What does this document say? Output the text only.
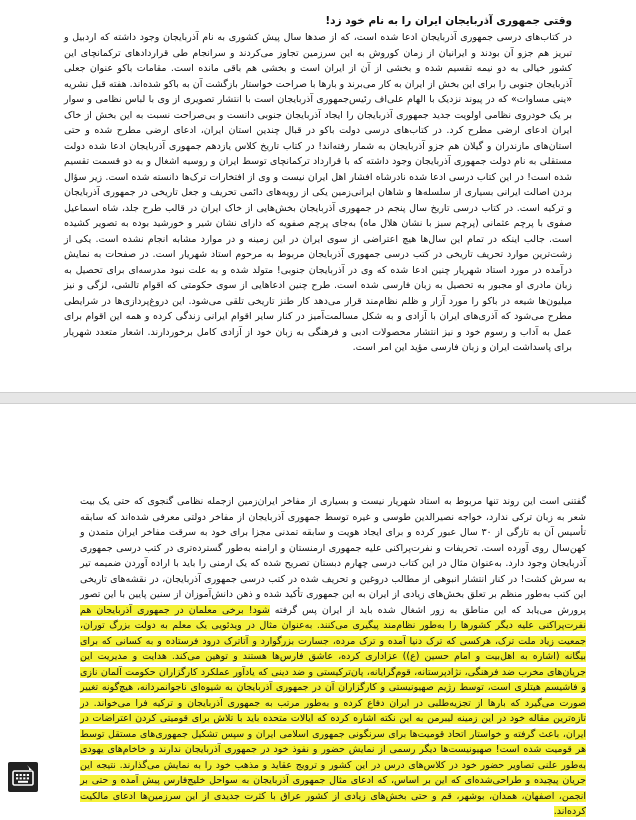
وقتی جمهوری آذربایجان ایران را به نام خود زد!

در کتاب‌های درسی جمهوری آذربایجان ادعا شده است، که از صدها سال پیش کشوری به نام آذربایجان وجود داشته که اردبیل و تبریز هم جزو آن بودند و ایرانیان از زمان کوروش به این سرزمین تجاوز می‌کردند و سرانجام طی قراردادهای ترکمانچای این کشور خیالی به دو نیمه تقسیم شده و بخشی از آن از ایران است و بخشی هم باقی مانده است. مقامات باکو عنوان جعلی آذربایجان جنوبی را برای این بخش از ایران به کار می‌برند و بارها با صراحت خواستار بازگشت آن به باکو شده‌اند. هفته قبل نشریه «ینی مساوات» که در پیوند نزدیک با الهام علی‌اف رئیس‌جمهوری آذربایجان است با انتشار تصویری از وی با لباس نظامی و سوار بر یک خودروی نظامی اولویت جدید جمهوری آذربایجان را ایجاد آذربایجان جنوبی دانست و بی‌صراحت نسبت به این بخش از خاک ایران ادعای ارضی مطرح کرد. در کتاب‌های درسی دولت باکو در قبال چندین استان ایران، ادعای ارضی مطرح شده و حتی استان‌های مازندران و گیلان هم جزو آذربایجان به شمار رفته‌اند! در کتاب تاریخ کلاس یازدهم جمهوری آذربایجان ادعا شده دولت مستقلی به نام دولت جمهوری آذربایجان وجود داشته که با قرارداد ترکمانچای توسط ایران و روسیه اشغال و به دو قسمت تقسیم شده است! در این کتاب درسی ادعا شده نادرشاه افشار اهل ایران نیست و وی از افتخارات ترک‌ها دانسته شده است. زیر سؤال بردن اصالت ایرانی بسیاری از سلسله‌ها و شاهان ایرانی‌زمین یکی از رویه‌های دائمی تحریف و جعل تاریخی در جمهوری آذربایجان و ترکیه است. در کتاب درسی تاریخ سال پنجم در جمهوری آذربایجان بخش‌هایی از خاک ایران در قالب طرح جلد، شاه اسماعیل صفوی با پرچم عثمانی (پرچم سبز با نشان هلال ماه) به‌جای پرچم صفویه که دارای نشان شیر و خورشید بوده به تصویر کشیده است. جالب اینکه در تمام این سال‌ها هیچ اعتراضی از سوی ایران در این زمینه و در موارد مشابه انجام نشده است. یکی از زشت‌ترین موارد تحریف تاریخی در کتب درسی جمهوری آذربایجان مربوط به مرحوم استاد شهریار است. در صفحات به نمایش درآمده در مورد استاد شهریار چنین ادعا شده که وی در آذربایجان جنوبی! متولد شده و به علت نبود مدرسه‌ای برای تحصیل به زبان مادری او مجبور به تحصیل به زبان فارسی شده است. طرح چنین ادعاهایی از سوی حکومتی که اقوام تالشی، لزگی و نیز میلیون‌ها شیعه در باکو را مورد آزار و ظلم نظام‌مند قرار می‌دهد کار طنز تاریخی تلقی می‌شود. این دروغ‌پردازی‌ها در شرایطی مطرح می‌شود که آذری‌های ایران با آزادی و به شکل مسالمت‌آمیز در کنار سایر اقوام ایرانی زندگی کرده و همه این اقوام برای عمل به آداب و رسوم خود و نیز انتشار محصولات ادبی و فرهنگی به زبان خود از آزادی کامل برخوردارند. اشعار متعدد شهریار برای پاسداشت ایران و زبان فارسی مؤید این امر است.

گفتنی است این روند تنها مربوط به استاد شهریار نیست و بسیاری از مفاخر ایران‌زمین ازجمله نظامی گنجوی که حتی یک بیت شعر به زبان ترکی ندارد، خواجه نصیرالدین طوسی و غیره توسط جمهوری آذربایجان از مفاخر دولتی معرفی شده‌اند که سابقه تأسیس آن به تازگی از ۳۰ سال عبور کرده و برای ایجاد هویت و سابقه تمدنی مجزا برای خود به سرقت مفاخر ایران متمدن و کهن‌سال روی آورده است. تحریفات و نفرت‌پراکنی علیه جمهوری ارمنستان و ارامنه به‌طور گسترده‌تری در کتب درسی جمهوری آذربایجان وجود دارد. به‌عنوان مثال در این کتاب درسی چهارم دبستان تصریح شده که یک ارمنی را باید با اراده آوردن ضمیمه تیر به سرش کشت! در کنار انتشار انبوهی از مطالب دروغین و تحریف شده در کتب درسی جمهوری آذربایجان، در نقشه‌های تاریخی این کتب به‌طور منظم بر تعلق بخش‌های زیادی از ایران به این جمهوری تأکید شده و ذهن دانش‌آموزان از سنین پایین با این تصور پرورش می‌یابد که این مناطق به زور اشغال شده باید از ایران پس گرفته شود! برخی معلمان در جمهوری آذربایجان هم نفرت‌پراکنی علیه دیگر کشورها را به‌طور نظام‌مند پیگیری می‌کنند. به‌عنوان مثال در ویدئویی یک معلم به دولت بزرگ توران، جمعیت زیاد ملت ترک، هرکسی که ترک دنیا آمده و ترک مرده، جسارت بزرگوارد و آتاترک درود فرستاده و به کسانی که برای بیگانه (اشاره به اهل‌بیت و امام حسین (ع)) عزاداری کرده، عاشق فارس‌ها هستند و توهین می‌کند. هدایت و مدیریت این جریان‌های مخرب ضد فرهنگی، نژادپرستانه، قوم‌گرایانه، پان‌ترکیستی و ضد دینی که یادآور عملکرد کارگزاران حکومت آلمان نازی و فاشیسم هیتلری است، توسط رژیم صهیونیستی و کارگزاران آن در جمهوری آذربایجان به شیوه‌ای ناجوانمردانه، هیچ‌گونه تغییر صورت می‌گیرد که بارها از تجزیه‌طلبی در ایران دفاع کرده و به‌طور مرتب به جمهوری آذربایجان و ترکیه فرا می‌خواند. در تازه‌ترین مقاله خود در این زمینه لیبرمن به این نکته اشاره کرده که ایالات متحده باید با تلاش برای قومیتی کردن اعتراضات در ایران، باعث گرفته و خواستار اتحاد قومیت‌ها برای سرنگونی جمهوری اسلامی ایران و سپس تشکیل جمهوری‌های مستقل توسط هر قومیت شده است! صهیونیست‌ها دیگر رسمی از نمایش حضور و نفوذ خود در جمهوری آذربایجان ندارند و خاخام‌های یهودی به‌طور علنی تصاویر حضور خود در کلاس‌های درس در این کشور و ترویج عقاید و مذهب خود را به نمایش می‌گذارند. نتیجه این جریان پیچیده و طراحی‌شده‌ای که این بر اساس، که ادعای مثال جمهوری آذربایجان به سواحل خلیج‌فارس پیش آمده و حتی بر انجمن، اصفهان، همدان، بوشهر، قم و حتی بخش‌های زیادی از کشور عراق با کثرت جدیدی از این سرزمین‌ها ادعای مالکیت کرده‌اند.
